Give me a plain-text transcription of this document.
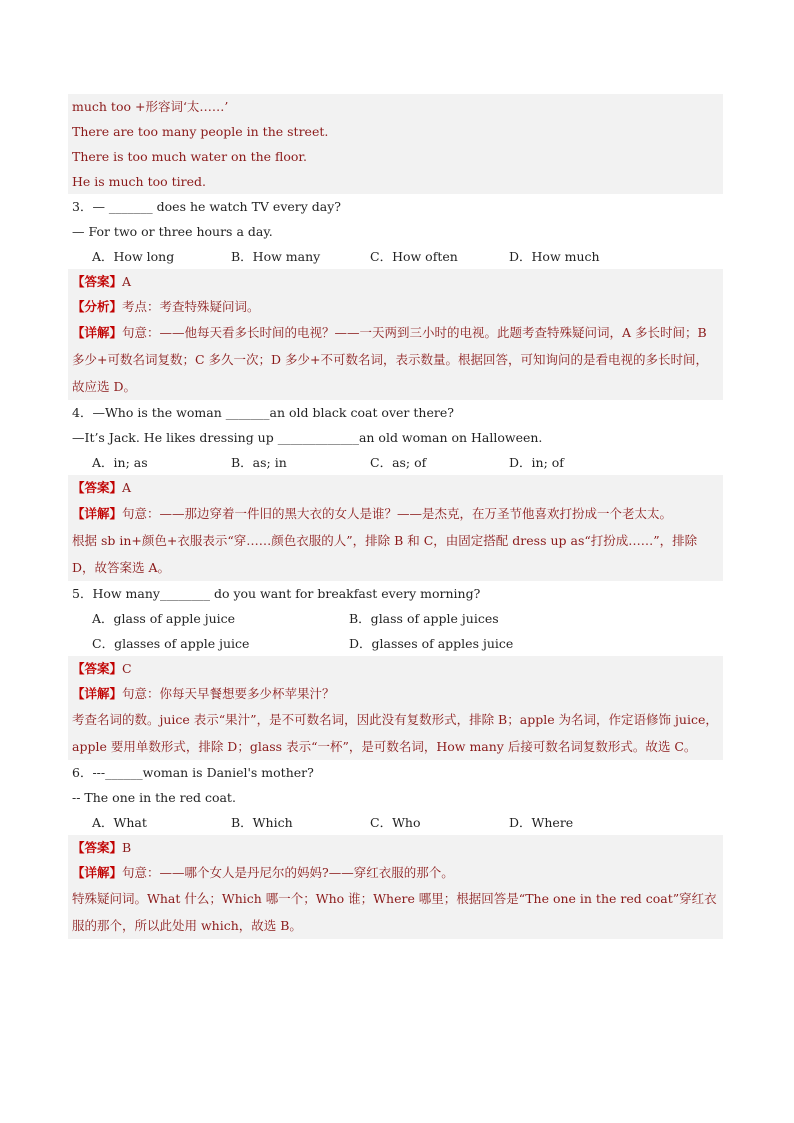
much too +形容词‘太……’
There are too many people in the street.
There is too much water on the floor.
He is much too tired.
3．— _______ does he watch TV every day?
— For two or three hours a day.
A．How long	B．How many	C．How often	D．How much
【答案】A
【分析】考点：考查特殊疑问词。
【详解】句意：——他每天看多长时间的电视？——一天两到三小时的电视。此题考查特殊疑问词，A 多长时间；B 多少+可数名词复数；C 多久一次；D 多少+不可数名词，表示数量。根据回答，可知询问的是看电视的多长时间，故应选 D。
4．—Who is the woman _______an old black coat over there?
—It’s Jack. He likes dressing up _____________an old woman on Halloween.
A．in; as	B．as; in	C．as; of	D．in; of
【答案】A
【详解】句意：——那边穿着一件旧的黑大衣的女人是谁？——是杰克，在万圣节他喜欢打扮成一个老太太。
根据 sb in+颜色+衣服表示“穿……颜色衣服的人”，排除 B 和 C，由固定搭配 dress up as“打扮成……”，排除 D，故答案选 A。
5．How many________ do you want for breakfast every morning?
A．glass of apple juice	B．glass of apple juices
C．glasses of apple juice	D．glasses of apples juice
【答案】C
【详解】句意：你每天早餐想要多少杯苹果汁？
考查名词的数。juice 表示“果汁”，是不可数名词，因此没有复数形式，排除 B；apple 为名词，作定语修饰 juice，apple 要用单数形式，排除 D；glass 表示“一杯”，是可数名词，How many 后接可数名词复数形式。故选 C。
6．---______woman is Daniel's mother?
-- The one in the red coat.
A．What	B．Which	C．Who	D．Where
【答案】B
【详解】句意：——哪个女人是丹尼尔的妈妈?——穿红衣服的那个。
特殊疑问词。What 什么；Which 哪一个；Who 谁；Where 哪里；根据回答是“The one in the red coat”穿红衣服的那个，所以此处用 which，故选 B。
